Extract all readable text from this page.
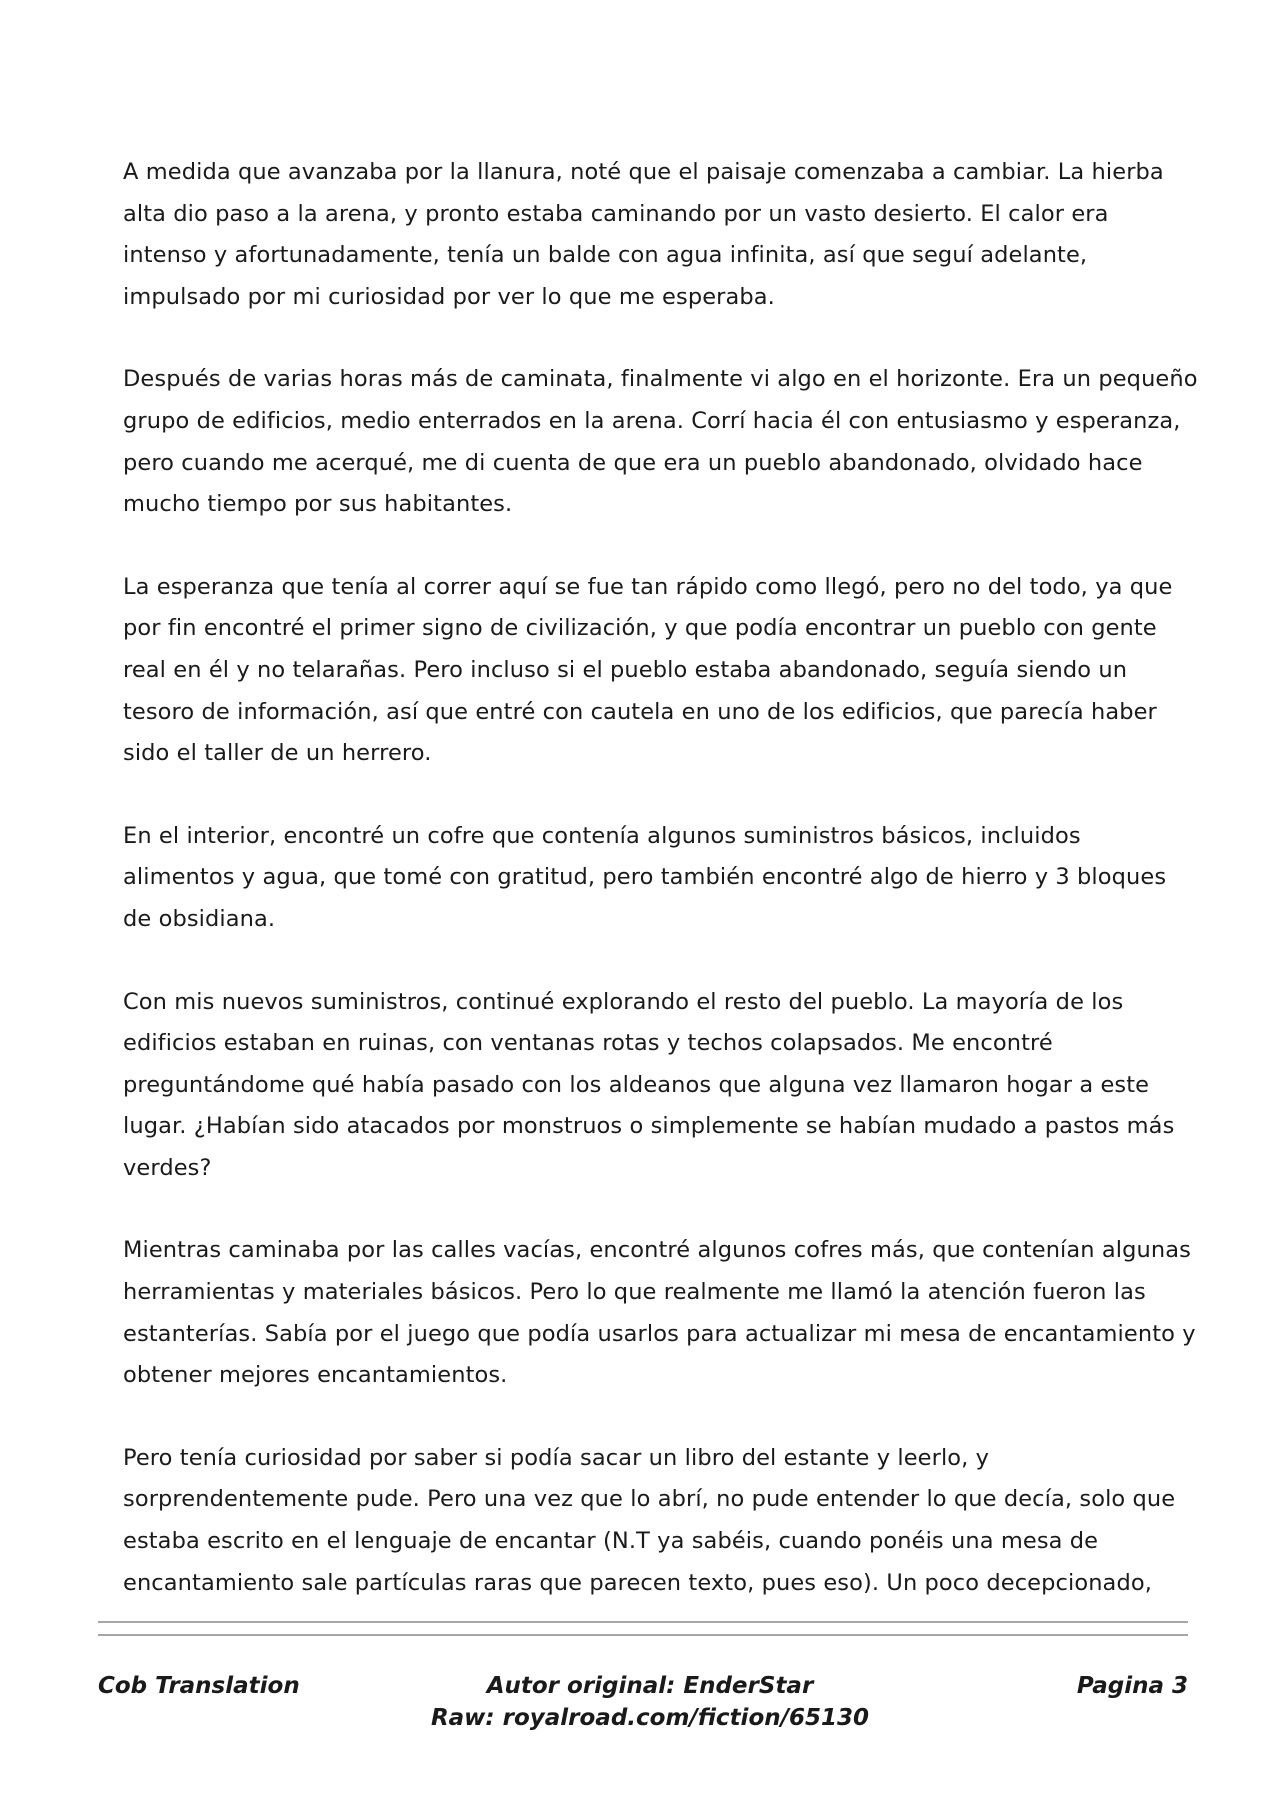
A medida que avanzaba por la llanura, noté que el paisaje comenzaba a cambiar. La hierba alta dio paso a la arena, y pronto estaba caminando por un vasto desierto. El calor era intenso y afortunadamente, tenía un balde con agua infinita, así que seguí adelante, impulsado por mi curiosidad por ver lo que me esperaba.

Después de varias horas más de caminata, finalmente vi algo en el horizonte. Era un pequeño grupo de edificios, medio enterrados en la arena. Corrí hacia él con entusiasmo y esperanza, pero cuando me acerqué, me di cuenta de que era un pueblo abandonado, olvidado hace mucho tiempo por sus habitantes.

La esperanza que tenía al correr aquí se fue tan rápido como llegó, pero no del todo, ya que por fin encontré el primer signo de civilización, y que podía encontrar un pueblo con gente real en él y no telarañas. Pero incluso si el pueblo estaba abandonado, seguía siendo un tesoro de información, así que entré con cautela en uno de los edificios, que parecía haber sido el taller de un herrero.

En el interior, encontré un cofre que contenía algunos suministros básicos, incluidos alimentos y agua, que tomé con gratitud, pero también encontré algo de hierro y 3 bloques de obsidiana.

Con mis nuevos suministros, continué explorando el resto del pueblo. La mayoría de los edificios estaban en ruinas, con ventanas rotas y techos colapsados. Me encontré preguntándome qué había pasado con los aldeanos que alguna vez llamaron hogar a este lugar. ¿Habían sido atacados por monstruos o simplemente se habían mudado a pastos más verdes?

Mientras caminaba por las calles vacías, encontré algunos cofres más, que contenían algunas herramientas y materiales básicos. Pero lo que realmente me llamó la atención fueron las estanterías. Sabía por el juego que podía usarlos para actualizar mi mesa de encantamiento y obtener mejores encantamientos.

Pero tenía curiosidad por saber si podía sacar un libro del estante y leerlo, y sorprendentemente pude. Pero una vez que lo abrí, no pude entender lo que decía, solo que estaba escrito en el lenguaje de encantar (N.T ya sabéis, cuando ponéis una mesa de encantamiento sale partículas raras que parecen texto, pues eso). Un poco decepcionado,

Cob Translation	Autor original: EnderStar
Raw: royalroad.com/fiction/65130
Pagina 3
